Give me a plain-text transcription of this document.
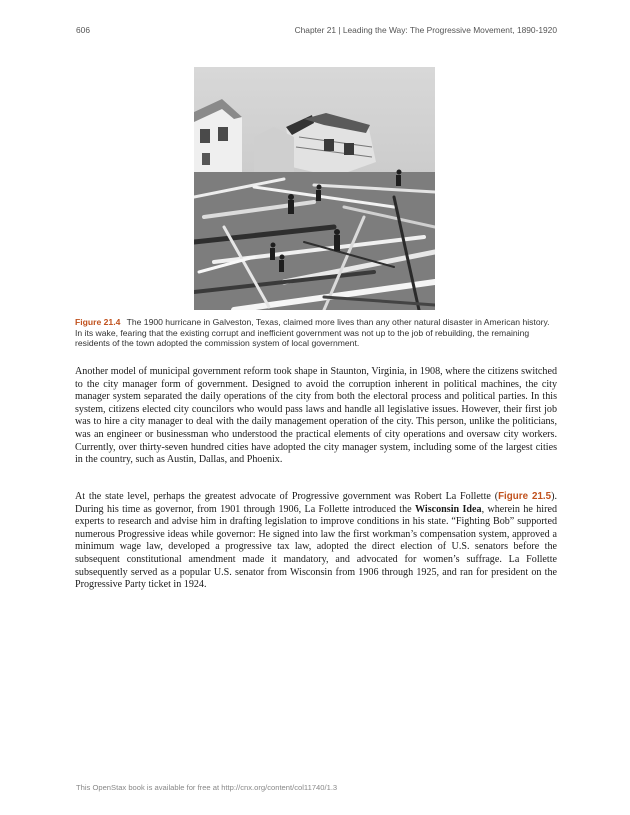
606	Chapter 21 | Leading the Way: The Progressive Movement, 1890-1920
Figure 21.4 The 1900 hurricane in Galveston, Texas, claimed more lives than any other natural disaster in American history. In its wake, fearing that the existing corrupt and inefficient government was not up to the job of rebuilding, the remaining residents of the town adopted the commission system of local government.
Another model of municipal government reform took shape in Staunton, Virginia, in 1908, where the citizens switched to the city manager form of government. Designed to avoid the corruption inherent in political machines, the city manager system separated the daily operations of the city from both the electoral process and political parties. In this system, citizens elected city councilors who would pass laws and handle all legislative issues. However, their first job was to hire a city manager to deal with the daily management operation of the city. This person, unlike the politicians, was an engineer or businessman who understood the practical elements of city operations and oversaw city workers. Currently, over thirty-seven hundred cities have adopted the city manager system, including some of the largest cities in the country, such as Austin, Dallas, and Phoenix.
At the state level, perhaps the greatest advocate of Progressive government was Robert La Follette (Figure 21.5). During his time as governor, from 1901 through 1906, La Follette introduced the Wisconsin Idea, wherein he hired experts to research and advise him in drafting legislation to improve conditions in his state. “Fighting Bob” supported numerous Progressive ideas while governor: He signed into law the first workman’s compensation system, approved a minimum wage law, developed a progressive tax law, adopted the direct election of U.S. senators before the subsequent constitutional amendment made it mandatory, and advocated for women’s suffrage. La Follette subsequently served as a popular U.S. senator from Wisconsin from 1906 through 1925, and ran for president on the Progressive Party ticket in 1924.
This OpenStax book is available for free at http://cnx.org/content/col11740/1.3
